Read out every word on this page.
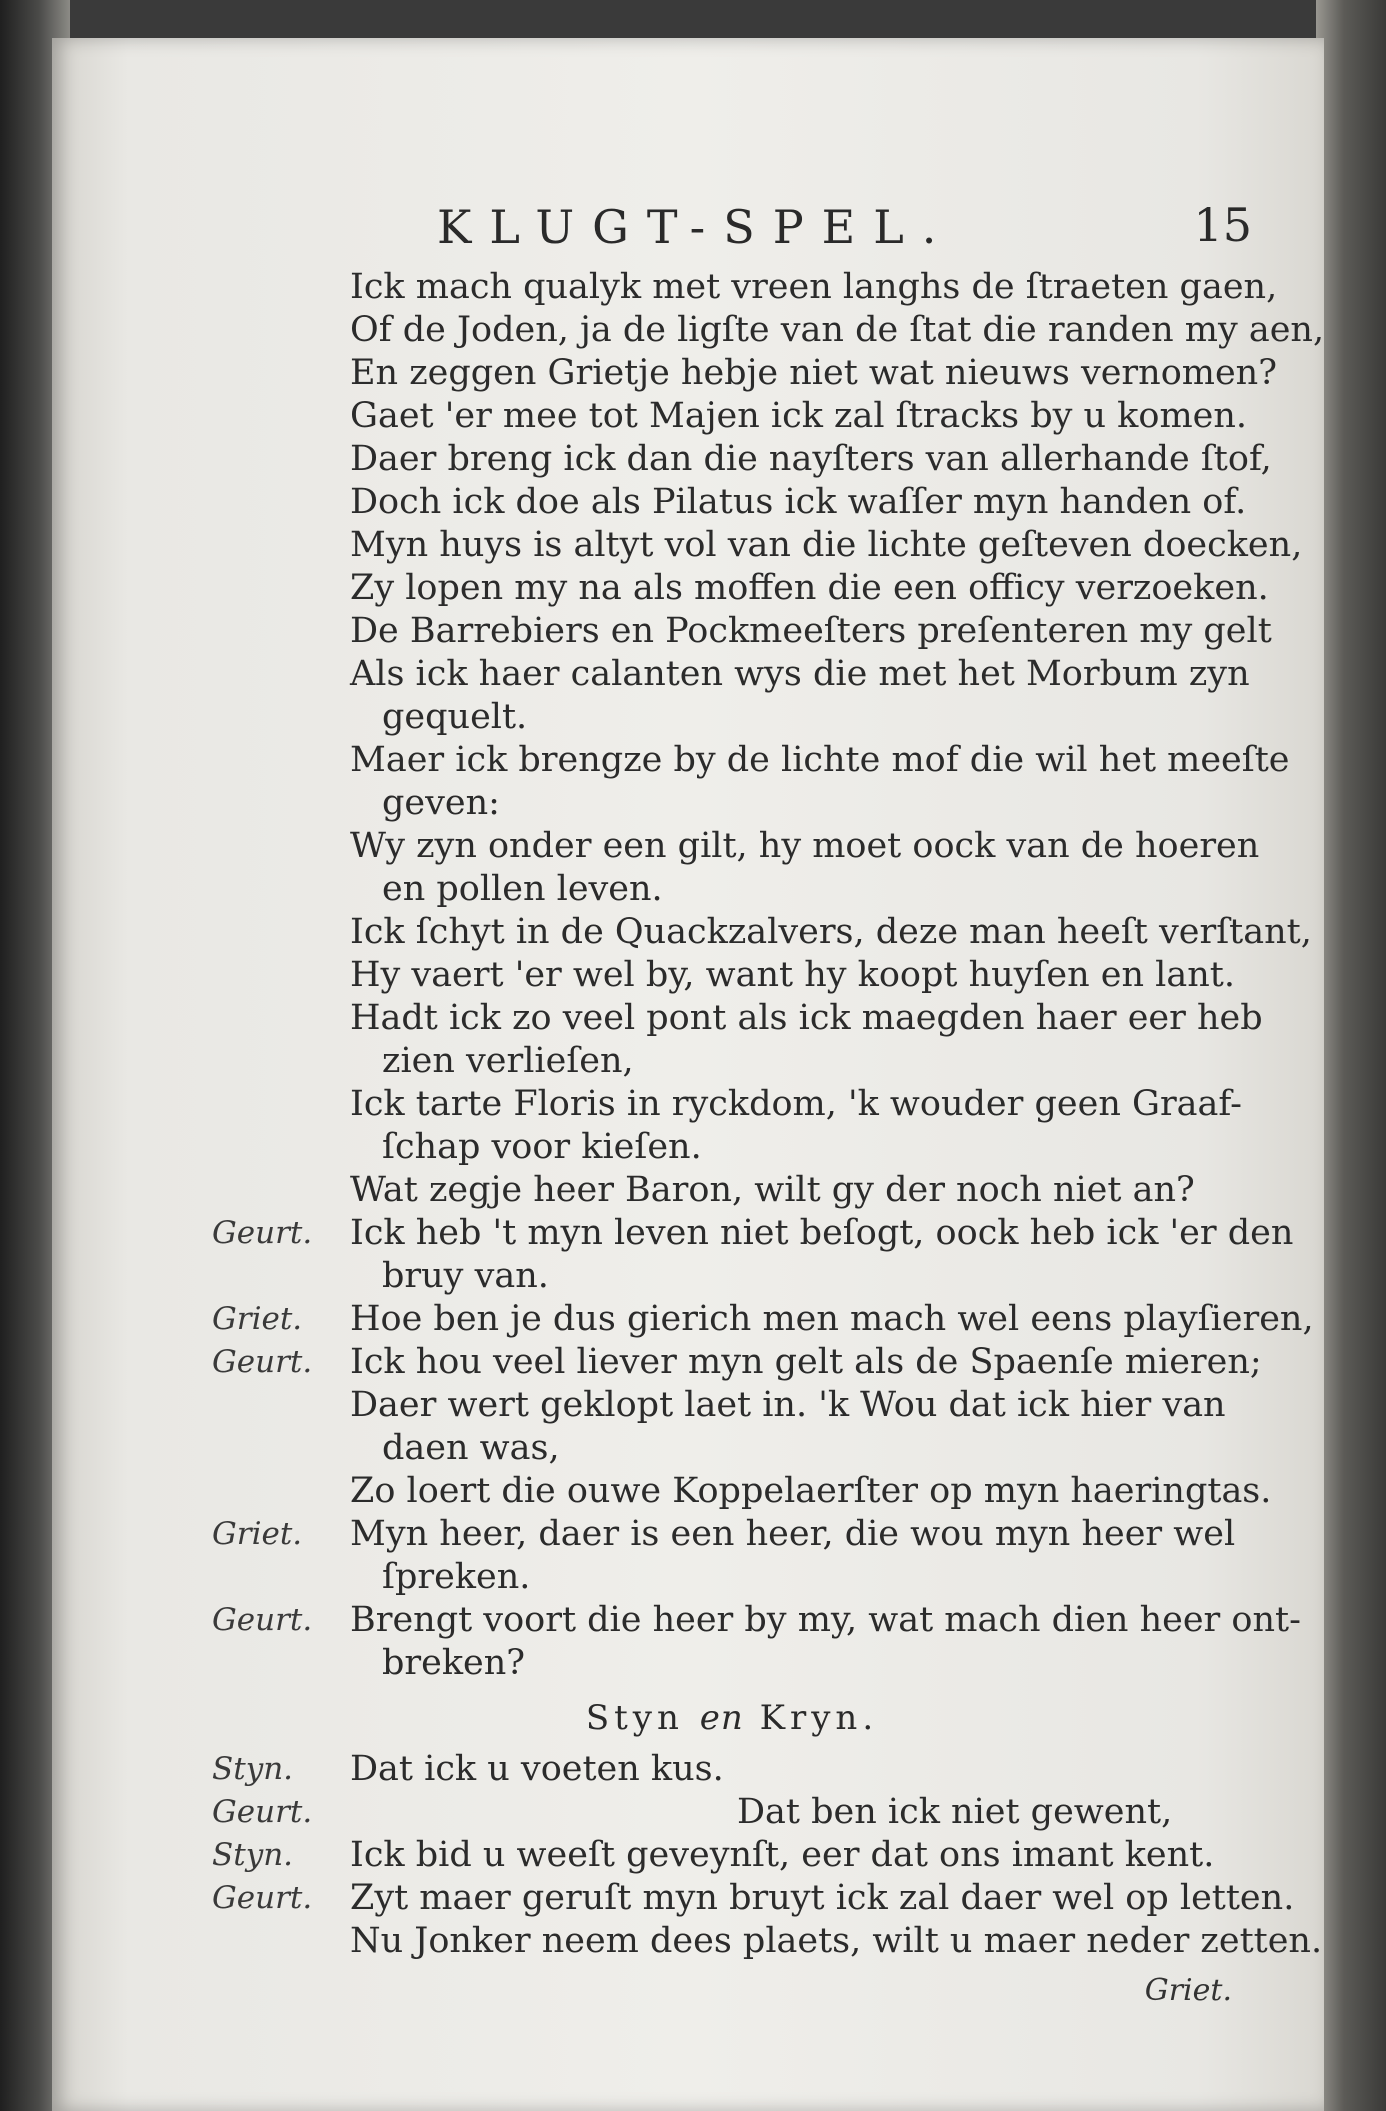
KLUGT-SPEL.	15
Ick mach qualyk met vreen langhs de ſtraeten gaen,
Of de Joden, ja de ligſte van de ſtat die randen my aen,
En zeggen Grietje hebje niet wat nieuws vernomen?
Gaet 'er mee tot Majen ick zal ſtracks by u komen.
Daer breng ick dan die nayſters van allerhande ſtof,
Doch ick doe als Pilatus ick waſſer myn handen of.
Myn huys is altyt vol van die lichte geſteven doecken,
Zy lopen my na als moffen die een officy verzoeken.
De Barrebiers en Pockmeeſters preſenteren my gelt
Als ick haer calanten wys die met het Morbum zyn
gequelt.
Maer ick brengze by de lichte mof die wil het meeſte
geven:
Wy zyn onder een gilt, hy moet oock van de hoeren
en pollen leven.
Ick ſchyt in de Quackzalvers, deze man heeſt verſtant,
Hy vaert 'er wel by, want hy koopt huyſen en lant.
Hadt ick zo veel pont als ick maegden haer eer heb
zien verlieſen,
Ick tarte Floris in ryckdom, 'k wouder geen Graaf-
ſchap voor kieſen.
Wat zegje heer Baron, wilt gy der noch niet an?
Geurt.	Ick heb 't myn leven niet beſogt, oock heb ick 'er den
bruy van.
Griet.	Hoe ben je dus gierich men mach wel eens playſieren,
Geurt.	Ick hou veel liever myn gelt als de Spaenſe mieren;
Daer wert geklopt laet in. 'k Wou dat ick hier van
daen was,
Zo loert die ouwe Koppelaerſter op myn haeringtas.
Griet.	Myn heer, daer is een heer, die wou myn heer wel
ſpreken.
Geurt.	Brengt voort die heer by my, wat mach dien heer ont-
breken?
Styn en Kryn.
Styn.	Dat ick u voeten kus.
Geurt.	Dat ben ick niet gewent,
Styn.	Ick bid u weeſt geveynſt, eer dat ons imant kent.
Geurt.	Zyt maer geruſt myn bruyt ick zal daer wel op letten.
Nu Jonker neem dees plaets, wilt u maer neder zetten.
Griet.
